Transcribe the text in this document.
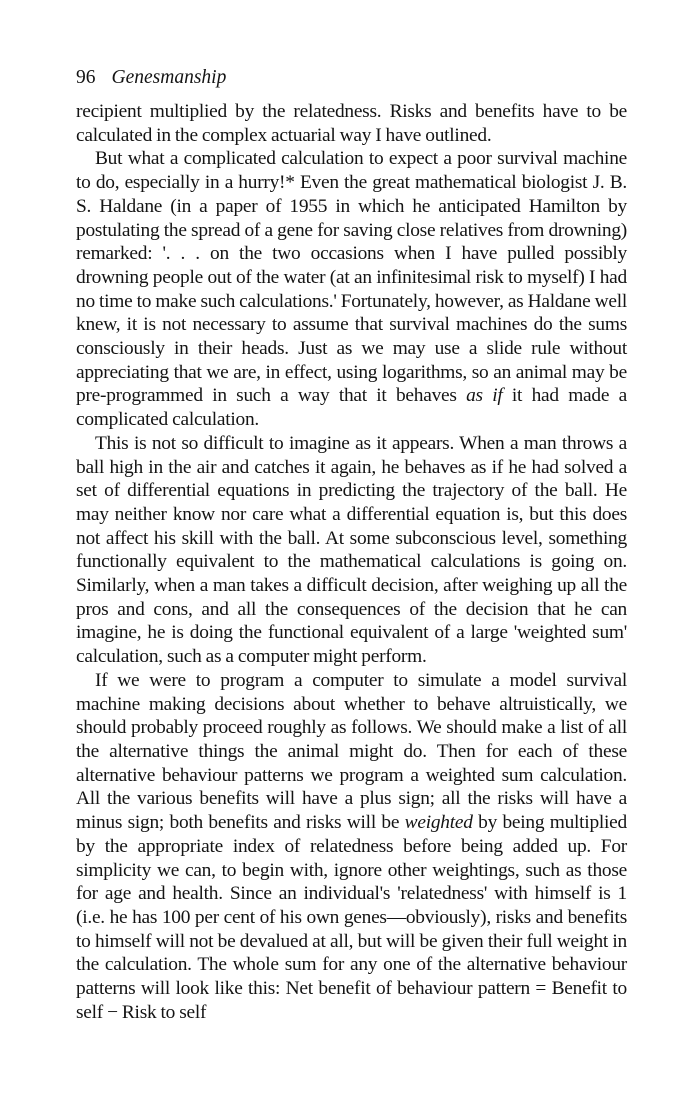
96 Genesmanship

recipient multiplied by the relatedness. Risks and benefits have to be calculated in the complex actuarial way I have outlined.

But what a complicated calculation to expect a poor survival machine to do, especially in a hurry!* Even the great mathematical biologist J. B. S. Haldane (in a paper of 1955 in which he anticipated Hamilton by postulating the spread of a gene for saving close relatives from drowning) remarked: '. . . on the two occasions when I have pulled possibly drowning people out of the water (at an infinitesimal risk to myself) I had no time to make such calculations.' Fortunately, however, as Haldane well knew, it is not necessary to assume that survival machines do the sums consciously in their heads. Just as we may use a slide rule without appreciating that we are, in effect, using logarithms, so an animal may be pre-programmed in such a way that it behaves as if it had made a complicated calculation.

This is not so difficult to imagine as it appears. When a man throws a ball high in the air and catches it again, he behaves as if he had solved a set of differential equations in predicting the trajectory of the ball. He may neither know nor care what a differential equation is, but this does not affect his skill with the ball. At some subconscious level, something functionally equivalent to the mathematical calculations is going on. Similarly, when a man takes a difficult decision, after weighing up all the pros and cons, and all the consequences of the decision that he can imagine, he is doing the functional equivalent of a large 'weighted sum' calculation, such as a computer might perform.

If we were to program a computer to simulate a model survival machine making decisions about whether to behave altruistically, we should probably proceed roughly as follows. We should make a list of all the alternative things the animal might do. Then for each of these alternative behaviour patterns we program a weighted sum calculation. All the various benefits will have a plus sign; all the risks will have a minus sign; both benefits and risks will be weighted by being multiplied by the appropriate index of relatedness before being added up. For simplicity we can, to begin with, ignore other weightings, such as those for age and health. Since an individual's 'relatedness' with himself is 1 (i.e. he has 100 per cent of his own genes—obviously), risks and benefits to himself will not be devalued at all, but will be given their full weight in the calculation. The whole sum for any one of the alternative behaviour patterns will look like this: Net benefit of behaviour pattern = Benefit to self − Risk to self
